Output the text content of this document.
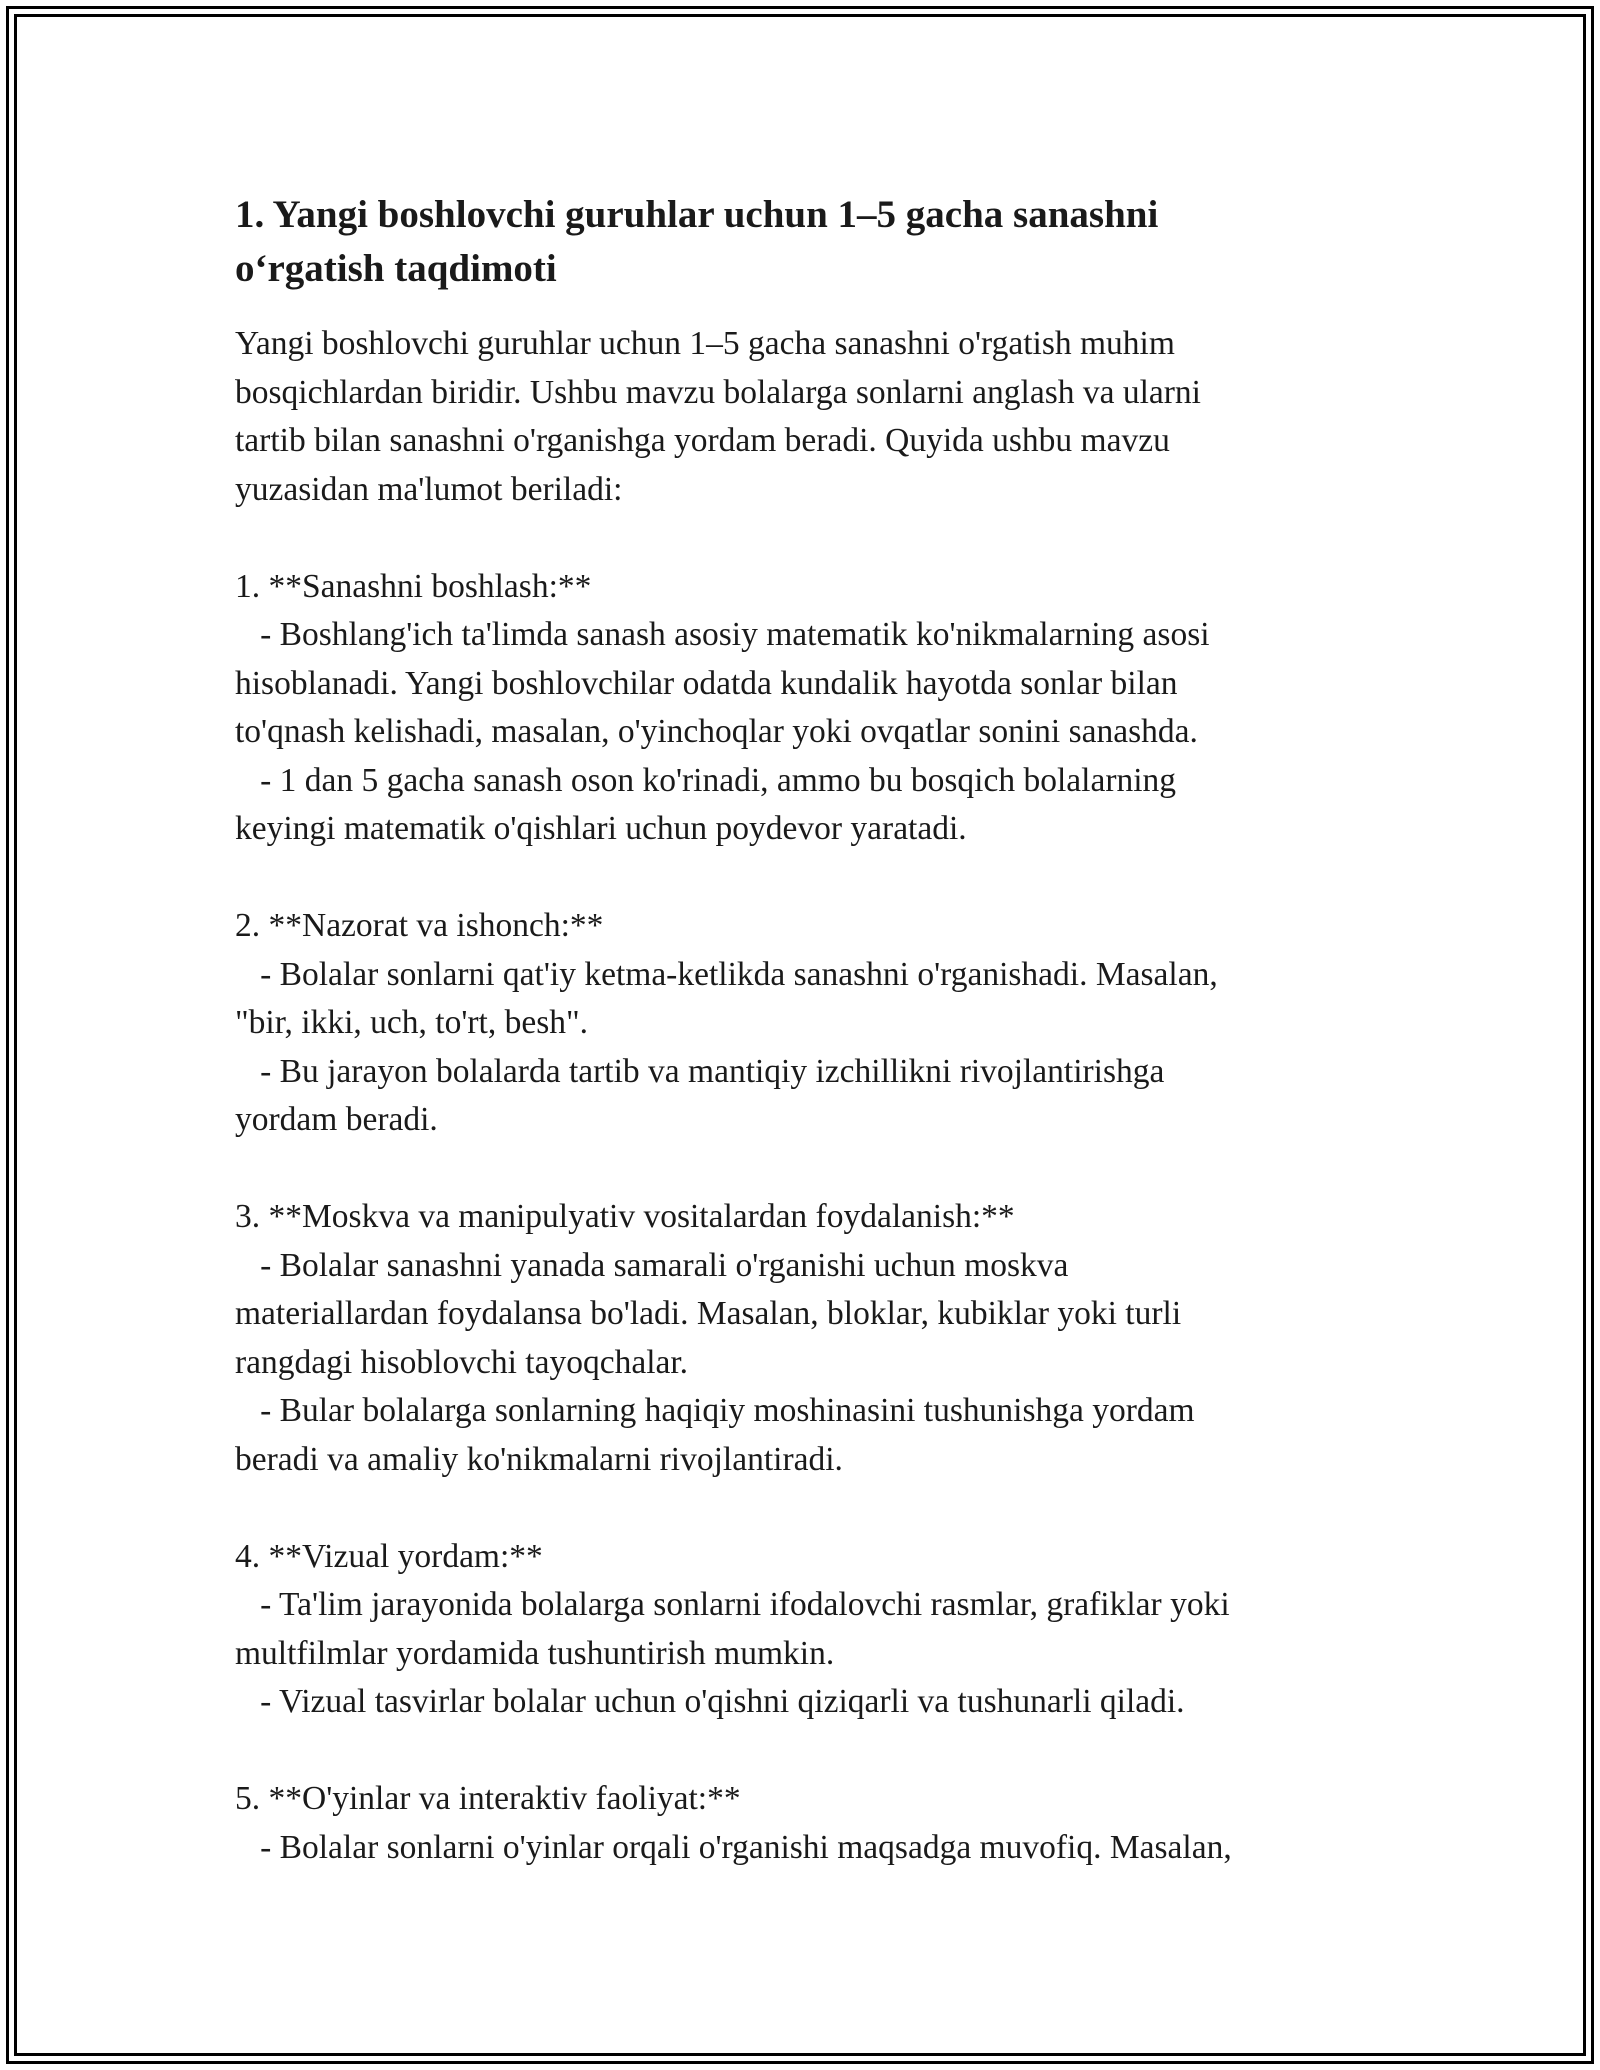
1. Yangi boshlovchi guruhlar uchun 1–5 gacha sanashni
o‘rgatish taqdimoti

Yangi boshlovchi guruhlar uchun 1–5 gacha sanashni o'rgatish muhim

bosqichlardan biridir. Ushbu mavzu bolalarga sonlarni anglash va ularni

tartib bilan sanashni o'rganishga yordam beradi. Quyida ushbu mavzu

yuzasidan ma'lumot beriladi:

1. **Sanashni boshlash:**

- Boshlang'ich ta'limda sanash asosiy matematik ko'nikmalarning asosi

hisoblanadi. Yangi boshlovchilar odatda kundalik hayotda sonlar bilan

to'qnash kelishadi, masalan, o'yinchoqlar yoki ovqatlar sonini sanashda.

- 1 dan 5 gacha sanash oson ko'rinadi, ammo bu bosqich bolalarning

keyingi matematik o'qishlari uchun poydevor yaratadi.

2. **Nazorat va ishonch:**

- Bolalar sonlarni qat'iy ketma-ketlikda sanashni o'rganishadi. Masalan,

"bir, ikki, uch, to'rt, besh".

- Bu jarayon bolalarda tartib va mantiqiy izchillikni rivojlantirishga

yordam beradi.

3. **Moskva va manipulyativ vositalardan foydalanish:**

- Bolalar sanashni yanada samarali o'rganishi uchun moskva

materiallardan foydalansa bo'ladi. Masalan, bloklar, kubiklar yoki turli

rangdagi hisoblovchi tayoqchalar.

- Bular bolalarga sonlarning haqiqiy moshinasini tushunishga yordam

beradi va amaliy ko'nikmalarni rivojlantiradi.

4. **Vizual yordam:**

- Ta'lim jarayonida bolalarga sonlarni ifodalovchi rasmlar, grafiklar yoki

multfilmlar yordamida tushuntirish mumkin.

- Vizual tasvirlar bolalar uchun o'qishni qiziqarli va tushunarli qiladi.

5. **O'yinlar va interaktiv faoliyat:**

- Bolalar sonlarni o'yinlar orqali o'rganishi maqsadga muvofiq. Masalan,
